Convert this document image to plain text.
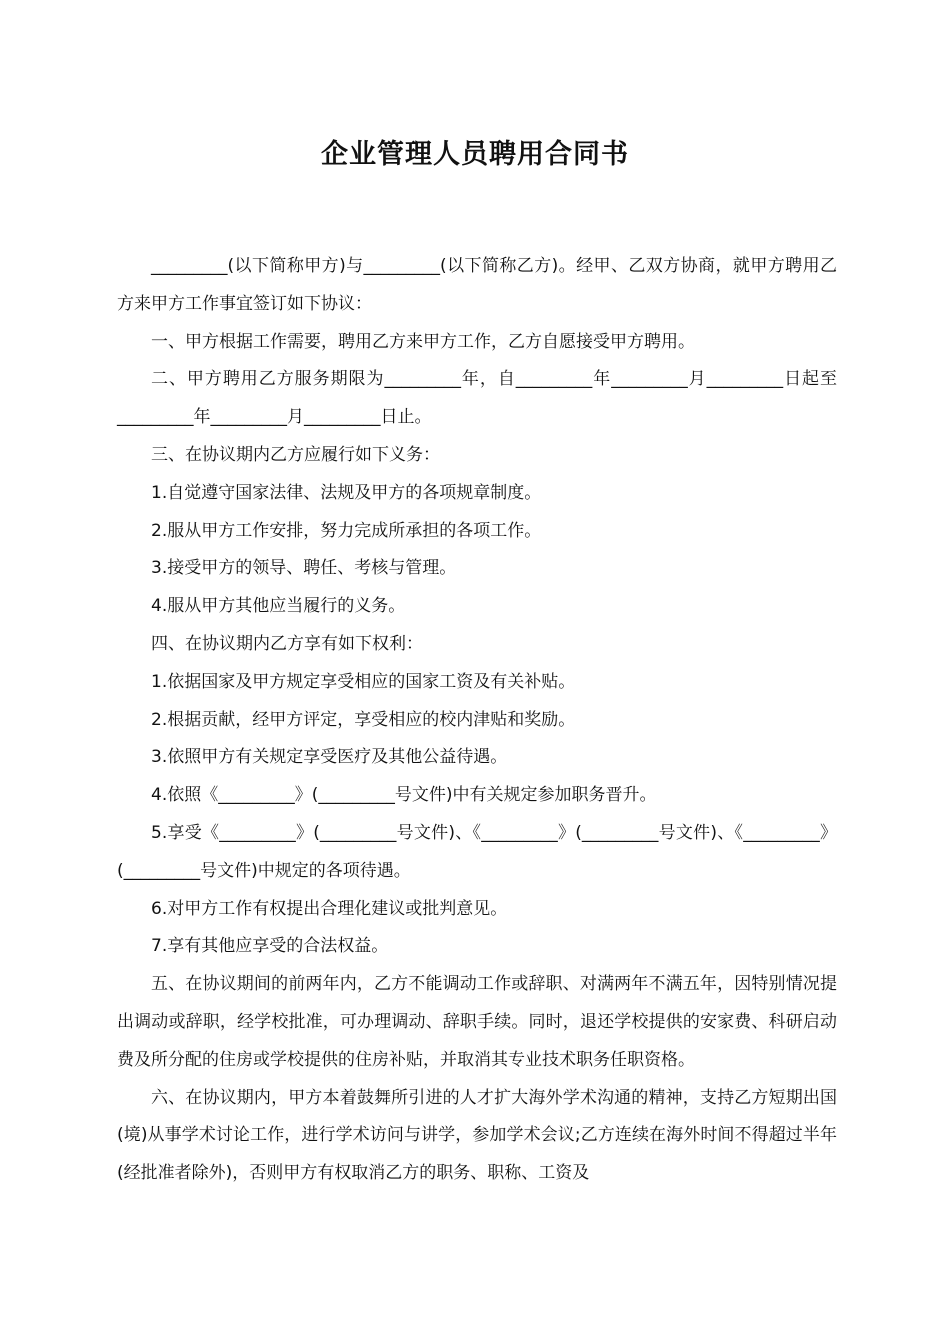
企业管理人员聘用合同书

_________(以下简称甲方)与_________(以下简称乙方)。经甲、乙双方协商，就甲方聘用乙方来甲方工作事宜签订如下协议：

一、甲方根据工作需要，聘用乙方来甲方工作，乙方自愿接受甲方聘用。

二、甲方聘用乙方服务期限为_________年，自_________年_________月_________日起至_________年_________月_________日止。

三、在协议期内乙方应履行如下义务：

1.自觉遵守国家法律、法规及甲方的各项规章制度。

2.服从甲方工作安排，努力完成所承担的各项工作。

3.接受甲方的领导、聘任、考核与管理。

4.服从甲方其他应当履行的义务。

四、在协议期内乙方享有如下权利：

1.依据国家及甲方规定享受相应的国家工资及有关补贴。

2.根据贡献，经甲方评定，享受相应的校内津贴和奖励。

3.依照甲方有关规定享受医疗及其他公益待遇。

4.依照《_________》(_________号文件)中有关规定参加职务晋升。

5.享受《_________》(_________号文件)、《_________》(_________号文件)、《_________》(_________号文件)中规定的各项待遇。

6.对甲方工作有权提出合理化建议或批判意见。

7.享有其他应享受的合法权益。

五、在协议期间的前两年内，乙方不能调动工作或辞职、对满两年不满五年，因特别情况提出调动或辞职，经学校批准，可办理调动、辞职手续。同时，退还学校提供的安家费、科研启动费及所分配的住房或学校提供的住房补贴，并取消其专业技术职务任职资格。

六、在协议期内，甲方本着鼓舞所引进的人才扩大海外学术沟通的精神，支持乙方短期出国(境)从事学术讨论工作，进行学术访问与讲学，参加学术会议;乙方连续在海外时间不得超过半年(经批准者除外)，否则甲方有权取消乙方的职务、职称、工资及
